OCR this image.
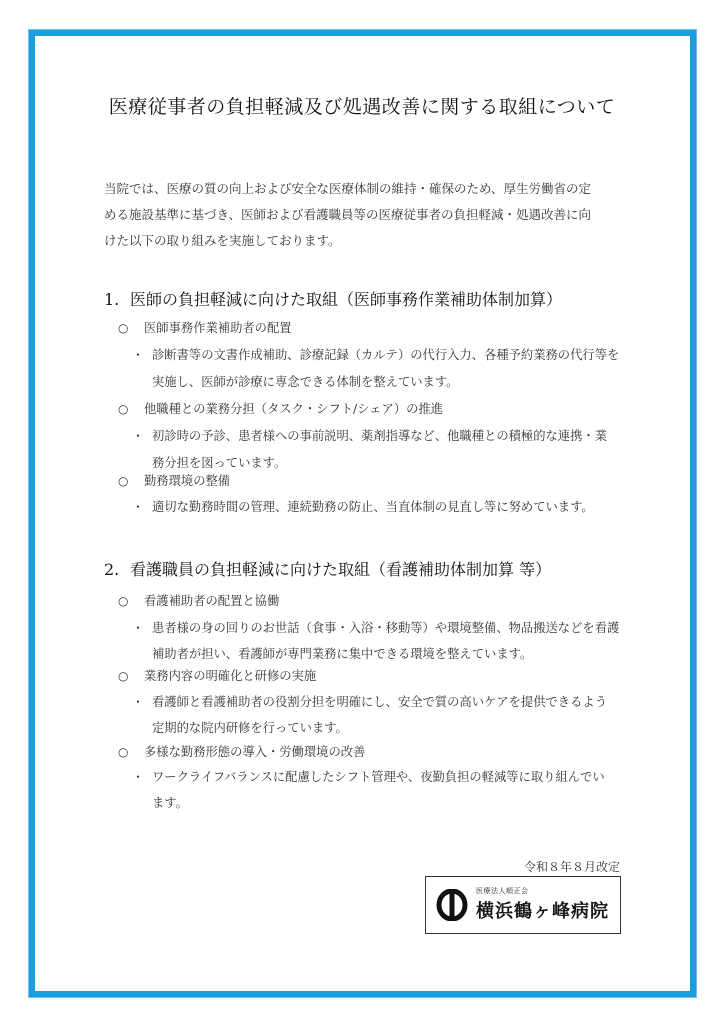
医療従事者の負担軽減及び処遇改善に関する取組について
当院では、医療の質の向上および安全な医療体制の維持・確保のため、厚生労働省の定
める施設基準に基づき、医師および看護職員等の医療従事者の負担軽減・処遇改善に向
けた以下の取り組みを実施しております。
1. 医師の負担軽減に向けた取組（医師事務作業補助体制加算）
○ 医師事務作業補助者の配置
・ 診断書等の文書作成補助、診療記録（カルテ）の代行入力、各種予約業務の代行等を
実施し、医師が診療に専念できる体制を整えています。
○ 他職種との業務分担（タスク・シフト/シェア）の推進
・ 初診時の予診、患者様への事前説明、薬剤指導など、他職種との積極的な連携・業
務分担を図っています。
○ 勤務環境の整備
・ 適切な勤務時間の管理、連続勤務の防止、当直体制の見直し等に努めています。
2. 看護職員の負担軽減に向けた取組（看護補助体制加算 等）
○ 看護補助者の配置と協働
・ 患者様の身の回りのお世話（食事・入浴・移動等）や環境整備、物品搬送などを看護
補助者が担い、看護師が専門業務に集中できる環境を整えています。
○ 業務内容の明確化と研修の実施
・ 看護師と看護補助者の役割分担を明確にし、安全で質の高いケアを提供できるよう
定期的な院内研修を行っています。
○ 多様な勤務形態の導入・労働環境の改善
・ ワークライフバランスに配慮したシフト管理や、夜勤負担の軽減等に取り組んでい
ます。
令和８年８月改定
医療法人順正会
横浜鶴ヶ峰病院
